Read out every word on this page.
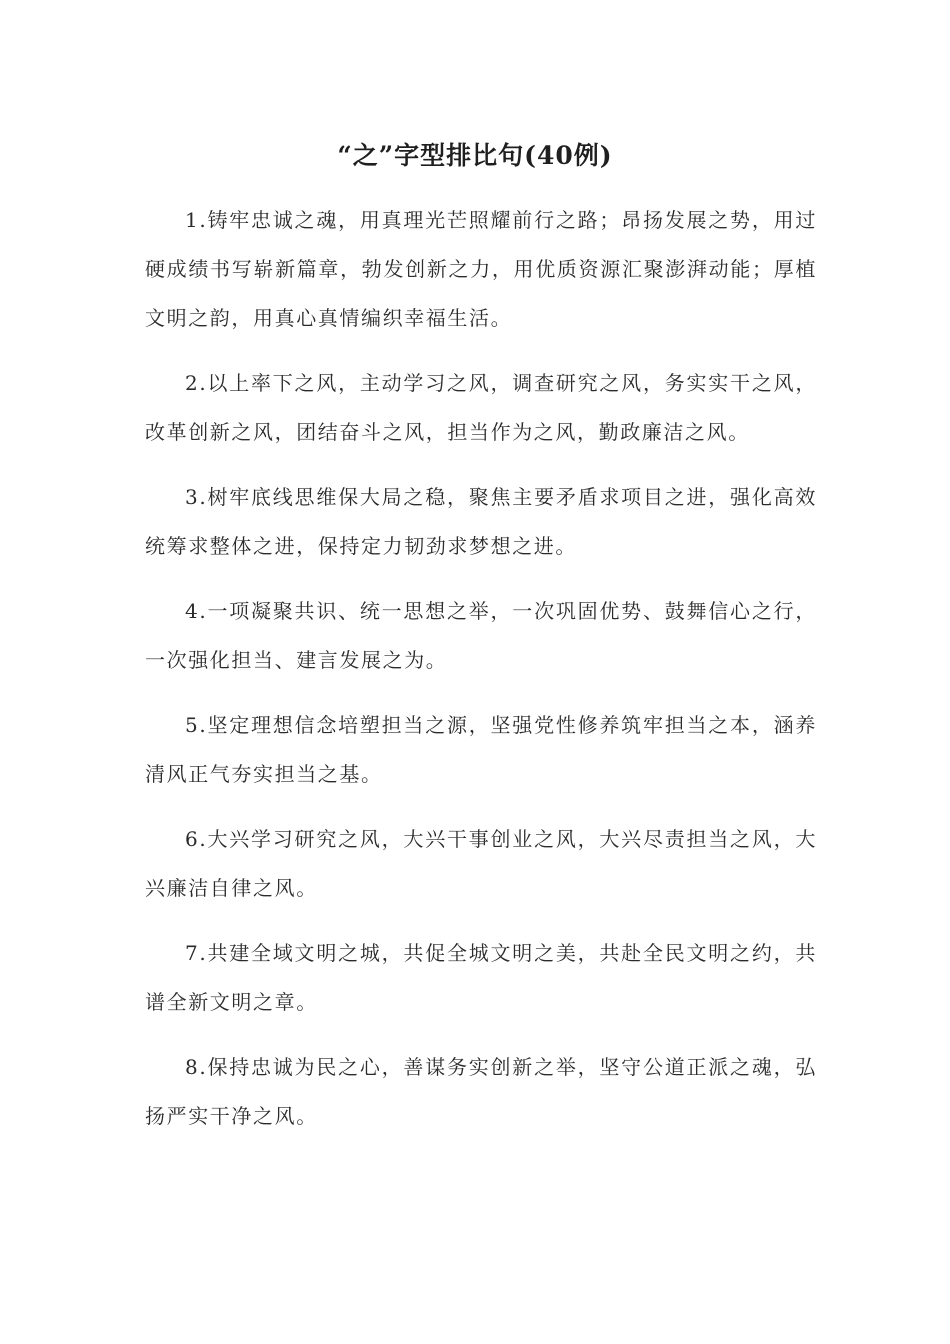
“之”字型排比句(40例)

1.铸牢忠诚之魂，用真理光芒照耀前行之路；昂扬发展之势，用过硬成绩书写崭新篇章，勃发创新之力，用优质资源汇聚澎湃动能；厚植文明之韵，用真心真情编织幸福生活。

2.以上率下之风，主动学习之风，调查研究之风，务实实干之风，改革创新之风，团结奋斗之风，担当作为之风，勤政廉洁之风。

3.树牢底线思维保大局之稳，聚焦主要矛盾求项目之进，强化高效统筹求整体之进，保持定力韧劲求梦想之进。

4.一项凝聚共识、统一思想之举，一次巩固优势、鼓舞信心之行，一次强化担当、建言发展之为。

5.坚定理想信念培塑担当之源，坚强党性修养筑牢担当之本，涵养清风正气夯实担当之基。

6.大兴学习研究之风，大兴干事创业之风，大兴尽责担当之风，大兴廉洁自律之风。

7.共建全域文明之城，共促全城文明之美，共赴全民文明之约，共谱全新文明之章。

8.保持忠诚为民之心，善谋务实创新之举，坚守公道正派之魂，弘扬严实干净之风。
